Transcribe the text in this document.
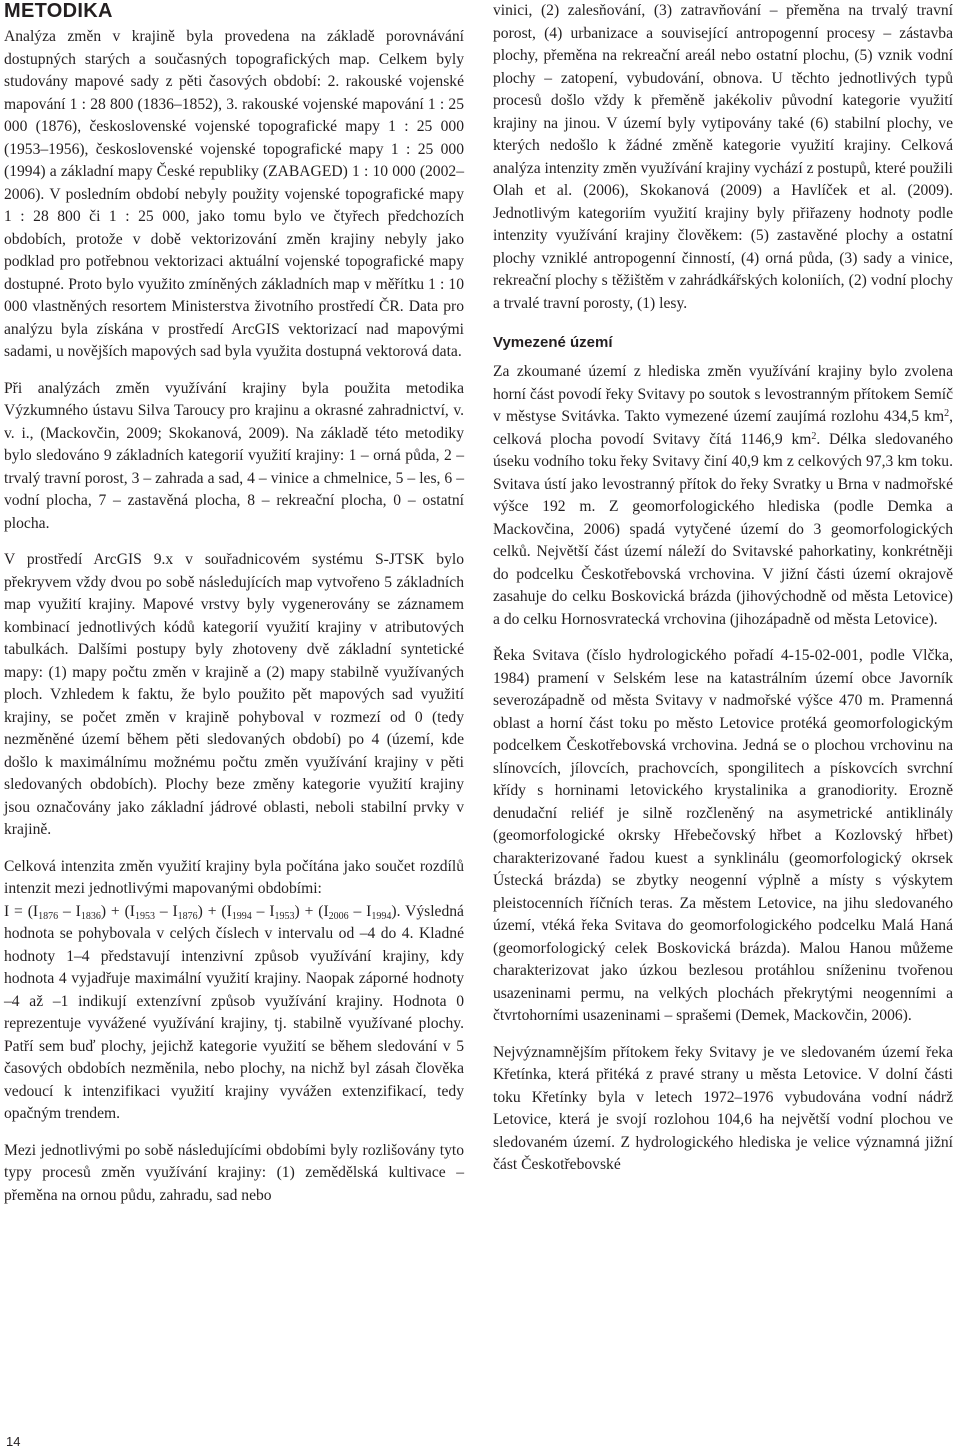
METODIKA

Analýza změn v krajině byla provedena na základě porovnávání dostupných starých a současných topografických map. Celkem byly studovány mapové sady z pěti časových období: 2. rakouské vojenské mapování 1 : 28 800 (1836–1852), 3. rakouské vojenské mapování 1 : 25 000 (1876), československé vojenské topografické mapy 1 : 25 000 (1953–1956), československé vojenské topografické mapy 1 : 25 000 (1994) a základní mapy České republiky (ZABAGED) 1 : 10 000 (2002–2006). V posledním období nebyly použity vojenské topografické mapy 1 : 28 800 či 1 : 25 000, jako tomu bylo ve čtyřech předchozích obdobích, protože v době vektorizování změn krajiny nebyly jako podklad pro potřebnou vektorizaci aktuální vojenské topografické mapy dostupné. Proto bylo využito zmíněných základních map v měřítku 1 : 10 000 vlastněných resortem Ministerstva životního prostředí ČR. Data pro analýzu byla získána v prostředí ArcGIS vektorizací nad mapovými sadami, u novějších mapových sad byla využita dostupná vektorová data.

Při analýzách změn využívání krajiny byla použita metodika Výzkumného ústavu Silva Taroucy pro krajinu a okrasné zahradnictví, v. v. i., (Mackovčin, 2009; Skokanová, 2009). Na základě této metodiky bylo sledováno 9 základních kategorií využití krajiny: 1 – orná půda, 2 – trvalý travní porost, 3 – zahrada a sad, 4 – vinice a chmelnice, 5 – les, 6 – vodní plocha, 7 – zastavěná plocha, 8 – rekreační plocha, 0 – ostatní plocha.

V prostředí ArcGIS 9.x v souřadnicovém systému S-JTSK bylo překryvem vždy dvou po sobě následujících map vytvořeno 5 základních map využití krajiny. Mapové vrstvy byly vygenerovány se záznamem kombinací jednotlivých kódů kategorií využití krajiny v atributových tabulkách. Dalšími postupy byly zhotoveny dvě základní syntetické mapy: (1) mapy počtu změn v krajině a (2) mapy stabilně využívaných ploch. Vzhledem k faktu, že bylo použito pět mapových sad využití krajiny, se počet změn v krajině pohyboval v rozmezí od 0 (tedy nezměněné území během pěti sledovaných období) po 4 (území, kde došlo k maximálnímu možnému počtu změn využívání krajiny v pěti sledovaných obdobích). Plochy beze změny kategorie využití krajiny jsou označovány jako základní jádrové oblasti, neboli stabilní prvky v krajině.

Celková intenzita změn využití krajiny byla počítána jako součet rozdílů intenzit mezi jednotlivými mapovanými obdobími:
$I = (I_{1876} - I_{1836}) + (I_{1953} - I_{1876}) + (I_{1994} - I_{1953}) + (I_{2006} - I_{1994})$. Výsledná hodnota se pohybovala v celých číslech v intervalu od –4 do 4. Kladné hodnoty 1–4 představují intenzivní způsob využívání krajiny, kdy hodnota 4 vyjadřuje maximální využití krajiny. Naopak záporné hodnoty –4 až –1 indikují extenzívní způsob využívání krajiny. Hodnota 0 reprezentuje vyvážené využívání krajiny, tj. stabilně využívané plochy. Patří sem buď plochy, jejichž kategorie využití se během sledování v 5 časových obdobích nezměnila, nebo plochy, na nichž byl zásah člověka vedoucí k intenzifikaci využití krajiny vyvážen extenzifikací, tedy opačným trendem.

Mezi jednotlivými po sobě následujícími obdobími byly rozlišovány tyto typy procesů změn využívání krajiny: (1) zemědělská kultivace – přeměna na ornou půdu, zahradu, sad nebo

vinici, (2) zalesňování, (3) zatravňování – přeměna na trvalý travní porost, (4) urbanizace a související antropogenní procesy – zástavba plochy, přeměna na rekreační areál nebo ostatní plochu, (5) vznik vodní plochy – zatopení, vybudování, obnova. U těchto jednotlivých typů procesů došlo vždy k přeměně jakékoliv původní kategorie využití krajiny na jinou. V území byly vytipovány také (6) stabilní plochy, ve kterých nedošlo k žádné změně kategorie využití krajiny. Celková analýza intenzity změn využívání krajiny vychází z postupů, které použili Olah et al. (2006), Skokanová (2009) a Havlíček et al. (2009). Jednotlivým kategoriím využití krajiny byly přiřazeny hodnoty podle intenzity využívání krajiny člověkem: (5) zastavěné plochy a ostatní plochy vzniklé antropogenní činností, (4) orná půda, (3) sady a vinice, rekreační plochy s těžištěm v zahrádkářských koloniích, (2) vodní plochy a trvalé travní porosty, (1) lesy.

Vymezené území

Za zkoumané území z hlediska změn využívání krajiny bylo zvolena horní část povodí řeky Svitavy po soutok s levostranným přítokem Semíč v městyse Svitávka. Takto vymezené území zaujímá rozlohu 434,5 $km^2$, celková plocha povodí Svitavy čítá 1146,9 $km^2$. Délka sledovaného úseku vodního toku řeky Svitavy činí 40,9 km z celkových 97,3 km toku. Svitava ústí jako levostranný přítok do řeky Svratky u Brna v nadmořské výšce 192 m. Z geomorfologického hlediska (podle Demka a Mackovčina, 2006) spadá vytyčené území do 3 geomorfologických celků. Největší část území náleží do Svitavské pahorkatiny, konkrétněji do podcelku Českotřebovská vrchovina. V jižní části území okrajově zasahuje do celku Boskovická brázda (jihovýchodně od města Letovice) a do celku Hornosvratecká vrchovina (jihozápadně od města Letovice).

Řeka Svitava (číslo hydrologického pořadí 4-15-02-001, podle Vlčka, 1984) pramení v Selském lese na katastrálním území obce Javorník severozápadně od města Svitavy v nadmořské výšce 470 m. Pramenná oblast a horní část toku po město Letovice protéká geomorfologickým podcelkem Českotřebovská vrchovina. Jedná se o plochou vrchovinu na slínovcích, jílovcích, prachovcích, spongilitech a pískovcích svrchní křídy s horninami letovického krystalinika a granodiority. Erozně denudační reliéf je silně rozčleněný na asymetrické antiklinály (geomorfologické okrsky Hřebečovský hřbet a Kozlovský hřbet) charakterizované řadou kuest a synklinálu (geomorfologický okrsek Ústecká brázda) se zbytky neogenní výplně a místy s výskytem pleistocenních říčních teras. Za městem Letovice, na jihu sledovaného území, vtéká řeka Svitava do geomorfologického podcelku Malá Haná (geomorfologický celek Boskovická brázda). Malou Hanou můžeme charakterizovat jako úzkou bezlesou protáhlou sníženinu tvořenou usazeninami permu, na velkých plochách překrytými neogenními a čtvrtohorními usazeninami – sprašemi (Demek, Mackovčin, 2006).

Nejvýznamnějším přítokem řeky Svitavy je ve sledovaném území řeka Křetínka, která přitéká z pravé strany u města Letovice. V dolní části toku Křetínky byla v letech 1972–1976 vybudována vodní nádrž Letovice, která je svojí rozlohou 104,6 ha největší vodní plochou ve sledovaném území. Z hydrologického hlediska je velice významná jižní část Českotřebovské

14
